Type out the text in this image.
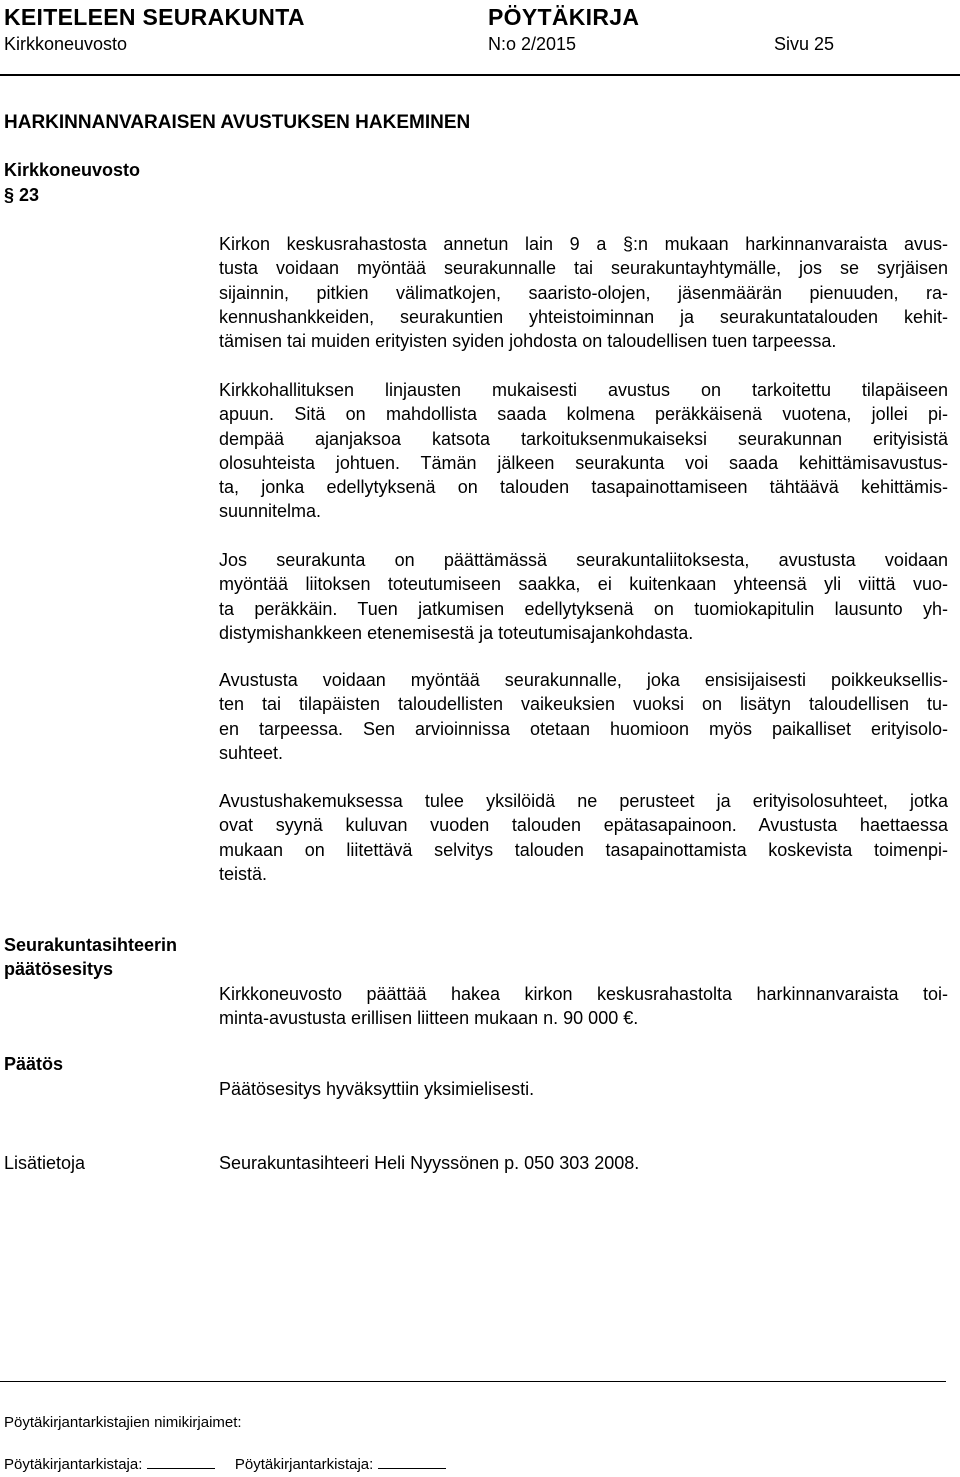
KEITELEEN SEURAKUNTA	PÖYTÄKIRJA
Kirkkoneuvosto	N:o 2/2015	Sivu 25
HARKINNANVARAISEN AVUSTUKSEN HAKEMINEN
Kirkkoneuvosto
§ 23
Kirkon keskusrahastosta annetun lain 9 a §:n mukaan harkinnanvaraista avus-
tusta voidaan myöntää seurakunnalle tai seurakuntayhtymälle, jos se syrjäisen
sijainnin, pitkien välimatkojen, saaristo-olojen, jäsenmäärän pienuuden, ra-
kennushankkeiden, seurakuntien yhteistoiminnan ja seurakuntatalouden kehit-
tämisen tai muiden erityisten syiden johdosta on taloudellisen tuen tarpeessa.
Kirkkohallituksen linjausten mukaisesti avustus on tarkoitettu tilapäiseen
apuun. Sitä on mahdollista saada kolmena peräkkäisenä vuotena, jollei pi-
dempää ajanjaksoa katsota tarkoituksenmukaiseksi seurakunnan erityisistä
olosuhteista johtuen. Tämän jälkeen seurakunta voi saada kehittämisavustus-
ta, jonka edellytyksenä on talouden tasapainottamiseen tähtäävä kehittämis-
suunnitelma.
Jos seurakunta on päättämässä seurakuntaliitoksesta, avustusta voidaan
myöntää liitoksen toteutumiseen saakka, ei kuitenkaan yhteensä yli viittä vuo-
ta peräkkäin. Tuen jatkumisen edellytyksenä on tuomiokapitulin lausunto yh-
distymishankkeen etenemisestä ja toteutumisajankohdasta.
Avustusta voidaan myöntää seurakunnalle, joka ensisijaisesti poikkeuksellis-
ten tai tilapäisten taloudellisten vaikeuksien vuoksi on lisätyn taloudellisen tu-
en tarpeessa. Sen arvioinnissa otetaan huomioon myös paikalliset erityisolo-
suhteet.
Avustushakemuksessa tulee yksilöidä ne perusteet ja erityisolosuhteet, jotka
ovat syynä kuluvan vuoden talouden epätasapainoon. Avustusta haettaessa
mukaan on liitettävä selvitys talouden tasapainottamista koskevista toimenpi-
teistä.
Seurakuntasihteerin
päätösesitys
Kirkkoneuvosto päättää hakea kirkon keskusrahastolta harkinnanvaraista toi-
minta-avustusta erillisen liitteen mukaan n. 90 000 €.
Päätös
Päätösesitys hyväksyttiin yksimielisesti.
Lisätietoja	Seurakuntasihteeri Heli Nyyssönen p. 050 303 2008.
Pöytäkirjantarkistajien nimikirjaimet:
Pöytäkirjantarkistaja:	Pöytäkirjantarkistaja:
